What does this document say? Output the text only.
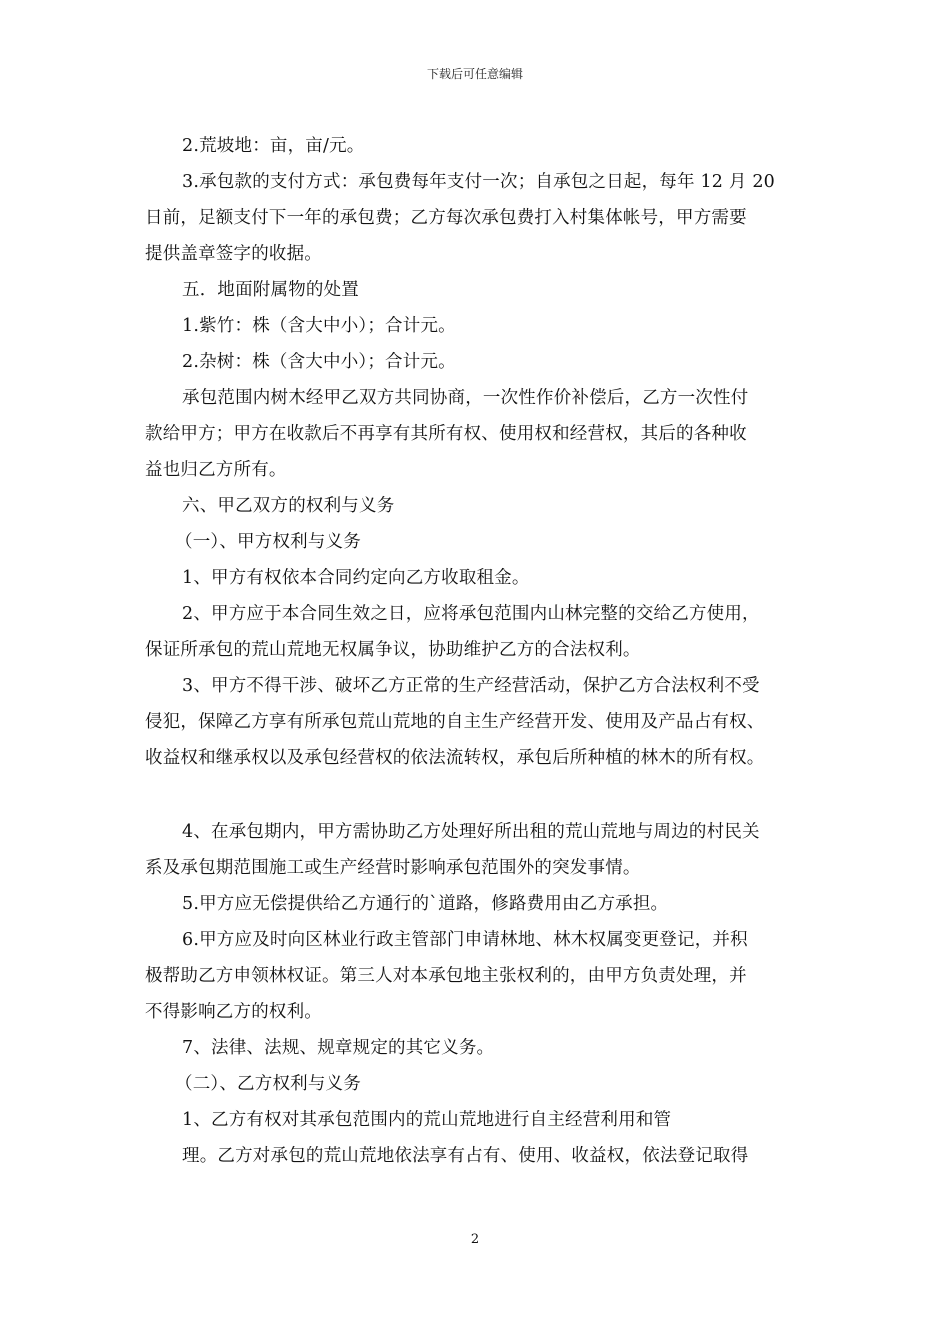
下载后可任意编辑
2.荒坡地：亩，亩/元。
3.承包款的支付方式：承包费每年支付一次；自承包之日起，每年 12 月 20
日前，足额支付下一年的承包费；乙方每次承包费打入村集体帐号，甲方需要
提供盖章签字的收据。
五．地面附属物的处置
1.紫竹：株（含大中小）；合计元。
2.杂树：株（含大中小）；合计元。
承包范围内树木经甲乙双方共同协商，一次性作价补偿后，乙方一次性付
款给甲方；甲方在收款后不再享有其所有权、使用权和经营权，其后的各种收
益也归乙方所有。
六、甲乙双方的权利与义务
（一）、甲方权利与义务
1、甲方有权依本合同约定向乙方收取租金。
2、甲方应于本合同生效之日，应将承包范围内山林完整的交给乙方使用，
保证所承包的荒山荒地无权属争议，协助维护乙方的合法权利。
3、甲方不得干涉、破坏乙方正常的生产经营活动，保护乙方合法权利不受
侵犯，保障乙方享有所承包荒山荒地的自主生产经营开发、使用及产品占有权、
收益权和继承权以及承包经营权的依法流转权，承包后所种植的林木的所有权。
4、在承包期内，甲方需协助乙方处理好所出租的荒山荒地与周边的村民关
系及承包期范围施工或生产经营时影响承包范围外的突发事情。
5.甲方应无偿提供给乙方通行的`道路，修路费用由乙方承担。
6.甲方应及时向区林业行政主管部门申请林地、林木权属变更登记，并积
极帮助乙方申领林权证。第三人对本承包地主张权利的，由甲方负责处理，并
不得影响乙方的权利。
7、法律、法规、规章规定的其它义务。
（二）、乙方权利与义务
1、乙方有权对其承包范围内的荒山荒地进行自主经营利用和管
理。乙方对承包的荒山荒地依法享有占有、使用、收益权，依法登记取得
2
